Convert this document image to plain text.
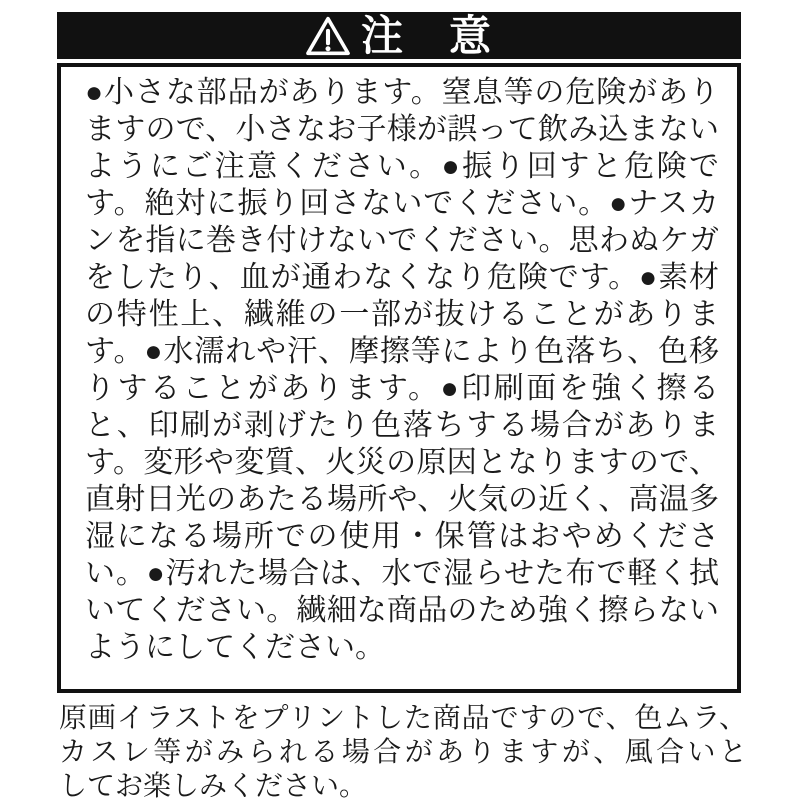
注　意
●小さな部品があります。窒息等の危険があり
ますので、小さなお子様が誤って飲み込まない
ようにご注意ください。●振り回すと危険で
す。絶対に振り回さないでください。●ナスカ
ンを指に巻き付けないでください。思わぬケガ
をしたり、血が通わなくなり危険です。●素材
の特性上、繊維の一部が抜けることがありま
す。●水濡れや汗、摩擦等により色落ち、色移
りすることがあります。●印刷面を強く擦る
と、印刷が剥げたり色落ちする場合がありま
す。変形や変質、火災の原因となりますので、
直射日光のあたる場所や、火気の近く、高温多
湿になる場所での使用・保管はおやめくださ
い。●汚れた場合は、水で湿らせた布で軽く拭
いてください。繊細な商品のため強く擦らない
ようにしてください。
原画イラストをプリントした商品ですので、色ムラ、
カスレ等がみられる場合がありますが、風合いと
してお楽しみください。
